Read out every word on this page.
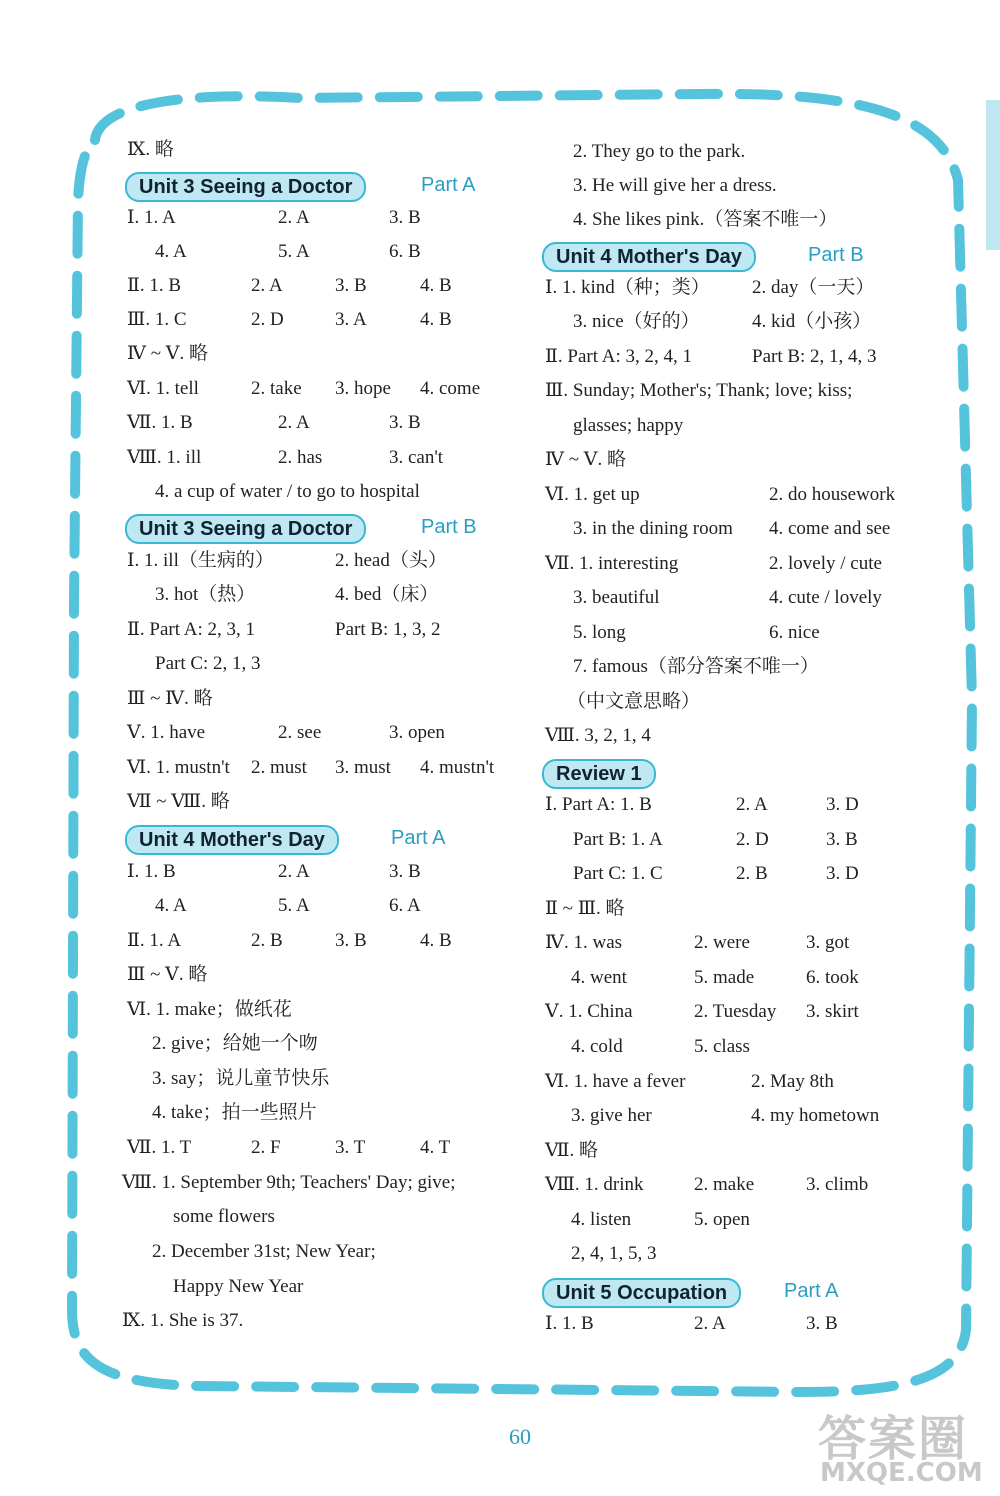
Ⅸ. 略
Unit 3 Seeing a Doctor	Part A
Ⅰ. 1. A	2. A	3. B
4. A	5. A	6. B
Ⅱ. 1. B	2. A	3. B	4. B
Ⅲ. 1. C	2. D	3. A	4. B
Ⅳ ~ Ⅴ. 略
Ⅵ. 1. tell	2. take 3. hope 4. come
Ⅶ. 1. B	2. A	3. B
Ⅷ. 1. ill	2. has	3. can't
4. a cup of water / to go to hospital
Unit 3 Seeing a Doctor	Part B
Ⅰ. 1. ill（生病的）	2. head（头）
3. hot（热）	4. bed（床）
Ⅱ. Part A: 2, 3, 1	Part B: 1, 3, 2
Part C: 2, 1, 3
Ⅲ ~ Ⅳ. 略
Ⅴ. 1. have	2. see	3. open
Ⅵ. 1. mustn't 2. must 3. must 4. mustn't
Ⅶ ~ Ⅷ. 略
Unit 4 Mother's Day	Part A
Ⅰ. 1. B	2. A	3. B
4. A	5. A	6. A
Ⅱ. 1. A	2. B	3. B	4. B
Ⅲ ~ Ⅴ. 略
Ⅵ. 1. make；做纸花
2. give；给她一个吻
3. say；说儿童节快乐
4. take；拍一些照片
Ⅶ. 1. T	2. F	3. T	4. T
Ⅷ. 1. September 9th; Teachers' Day; give;
some flowers
2. December 31st; New Year;
Happy New Year
Ⅸ. 1. She is 37.
2. They go to the park.
3. He will give her a dress.
4. She likes pink.（答案不唯一）
Unit 4 Mother's Day	Part B
Ⅰ. 1. kind（种；类） 2. day（一天）
3. nice（好的）	4. kid（小孩）
Ⅱ. Part A: 3, 2, 4, 1	Part B: 2, 1, 4, 3
Ⅲ. Sunday; Mother's; Thank; love; kiss;
glasses; happy
Ⅳ ~ Ⅴ. 略
Ⅵ. 1. get up	2. do housework
3. in the dining room 4. come and see
Ⅶ. 1. interesting	2. lovely / cute
3. beautiful	4. cute / lovely
5. long	6. nice
7. famous（部分答案不唯一）
（中文意思略）
Ⅷ. 3, 2, 1, 4
Review 1
Ⅰ. Part A: 1. B	2. A	3. D
Part B: 1. A	2. D	3. B
Part C: 1. C	2. B	3. D
Ⅱ ~ Ⅲ. 略
Ⅳ. 1. was	2. were	3. got
4. went	5. made	6. took
Ⅴ. 1. China	2. Tuesday 3. skirt
4. cold	5. class
Ⅵ. 1. have a fever	2. May 8th
3. give her	4. my hometown
Ⅶ. 略
Ⅷ. 1. drink	2. make	3. climb
4. listen	5. open
2, 4, 1, 5, 3
Unit 5 Occupation	Part A
Ⅰ. 1. B	2. A	3. B
60	答案圈
MXQE.COM
